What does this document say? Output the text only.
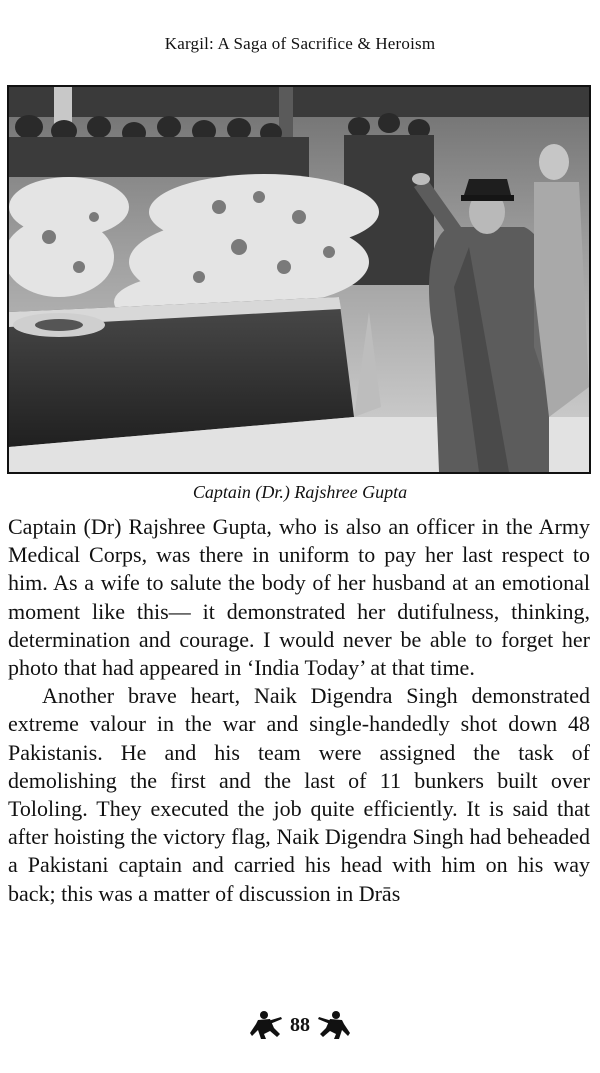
Kargil: A Saga of Sacrifice & Heroism
Captain (Dr.) Rajshree Gupta

Captain (Dr) Rajshree Gupta, who is also an officer in the Army Medical Corps, was there in uniform to pay her last respect to him. As a wife to salute the body of her husband at an emotional moment like this— it demonstrated her dutifulness, thinking, determination and courage. I would never be able to forget her photo that had appeared in ‘India Today’ at that time.

Another brave heart, Naik Digendra Singh demonstrated extreme valour in the war and single-handedly shot down 48 Pakistanis. He and his team were assigned the task of demolishing the first and the last of 11 bunkers built over Tololing. They executed the job quite efficiently. It is said that after hoisting the victory flag, Naik Digendra Singh had beheaded a Pakistani captain and carried his head with him on his way back; this was a matter of discussion in Drās

88
